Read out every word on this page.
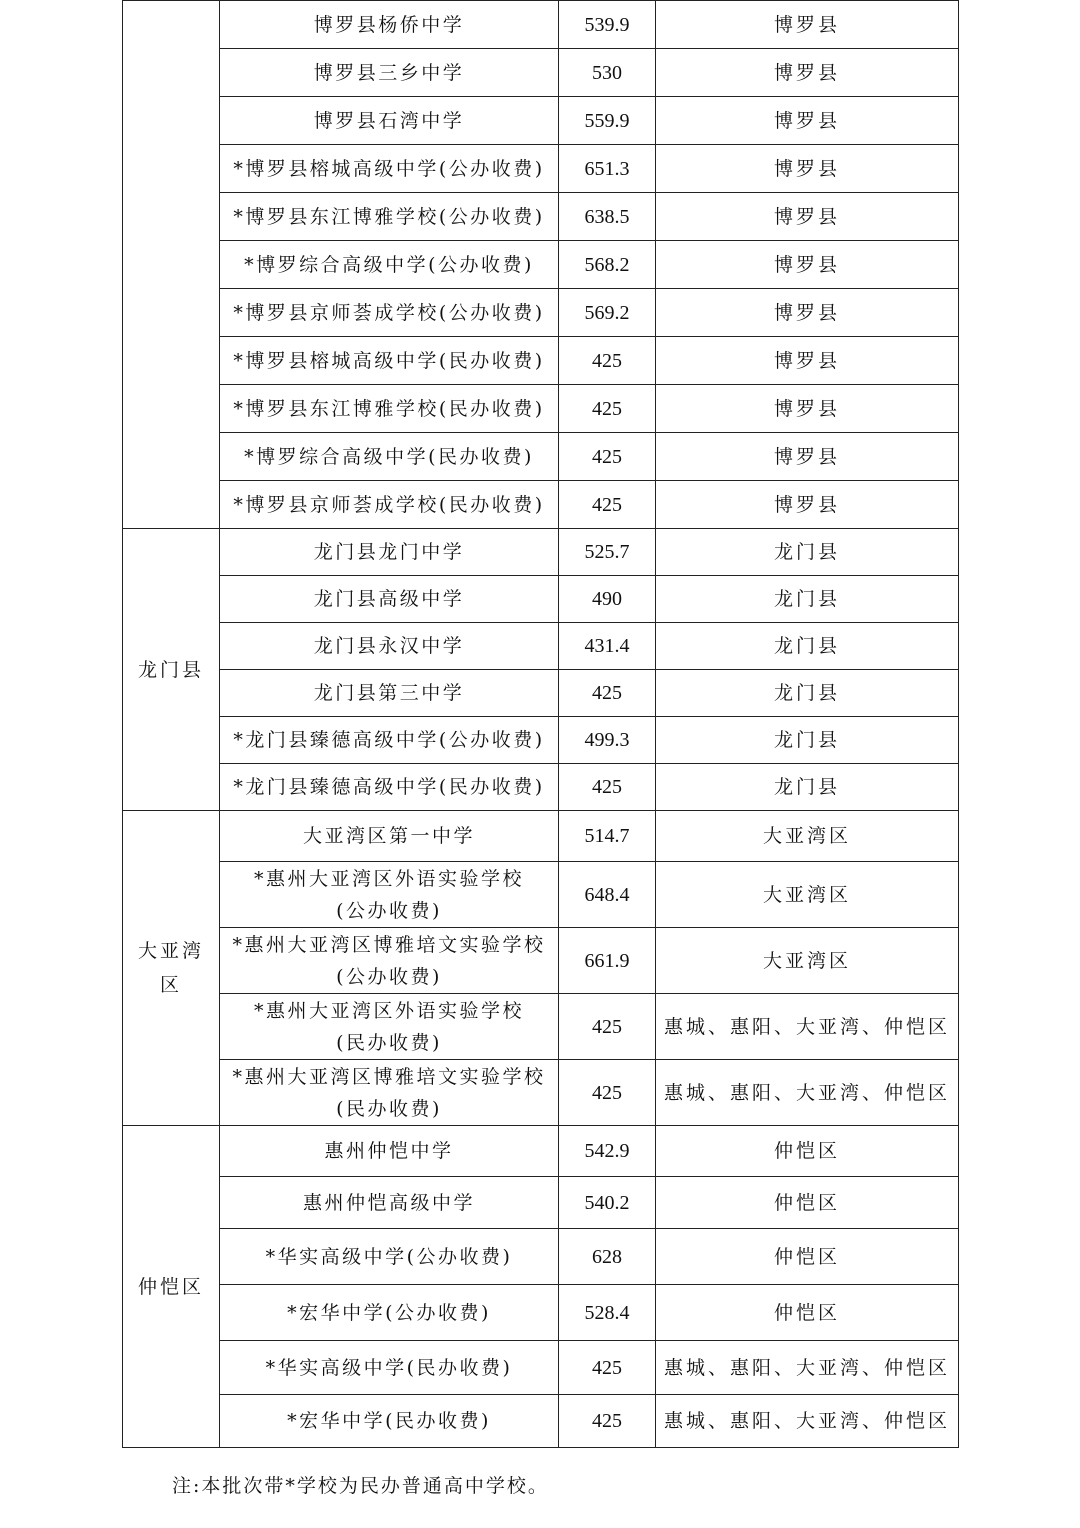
	博罗县杨侨中学	539.9	博罗县
	博罗县三乡中学	530	博罗县
	博罗县石湾中学	559.9	博罗县
	*博罗县榕城高级中学(公办收费)	651.3	博罗县
	*博罗县东江博雅学校(公办收费)	638.5	博罗县
	*博罗综合高级中学(公办收费)	568.2	博罗县
	*博罗县京师荟成学校(公办收费)	569.2	博罗县
	*博罗县榕城高级中学(民办收费)	425	博罗县
	*博罗县东江博雅学校(民办收费)	425	博罗县
	*博罗综合高级中学(民办收费)	425	博罗县
	*博罗县京师荟成学校(民办收费)	425	博罗县
龙门县	龙门县龙门中学	525.7	龙门县
	龙门县高级中学	490	龙门县
	龙门县永汉中学	431.4	龙门县
	龙门县第三中学	425	龙门县
	*龙门县臻德高级中学(公办收费)	499.3	龙门县
	*龙门县臻德高级中学(民办收费)	425	龙门县

大亚湾
区	大亚湾区第一中学	514.7	大亚湾区

	*惠州大亚湾区外语实验学校
(公办收费)	648.4	大亚湾区

	*惠州大亚湾区博雅培文实验学校
(公办收费)	661.9	大亚湾区

	*惠州大亚湾区外语实验学校
(民办收费)	425	惠城、惠阳、大亚湾、仲恺区

	*惠州大亚湾区博雅培文实验学校
(民办收费)	425	惠城、惠阳、大亚湾、仲恺区
仲恺区	惠州仲恺中学	542.9	仲恺区
	惠州仲恺高级中学	540.2	仲恺区
	*华实高级中学(公办收费)	628	仲恺区
	*宏华中学(公办收费)	528.4	仲恺区
	*华实高级中学(民办收费)	425	惠城、惠阳、大亚湾、仲恺区
	*宏华中学(民办收费)	425	惠城、惠阳、大亚湾、仲恺区
注:本批次带*学校为民办普通高中学校。
